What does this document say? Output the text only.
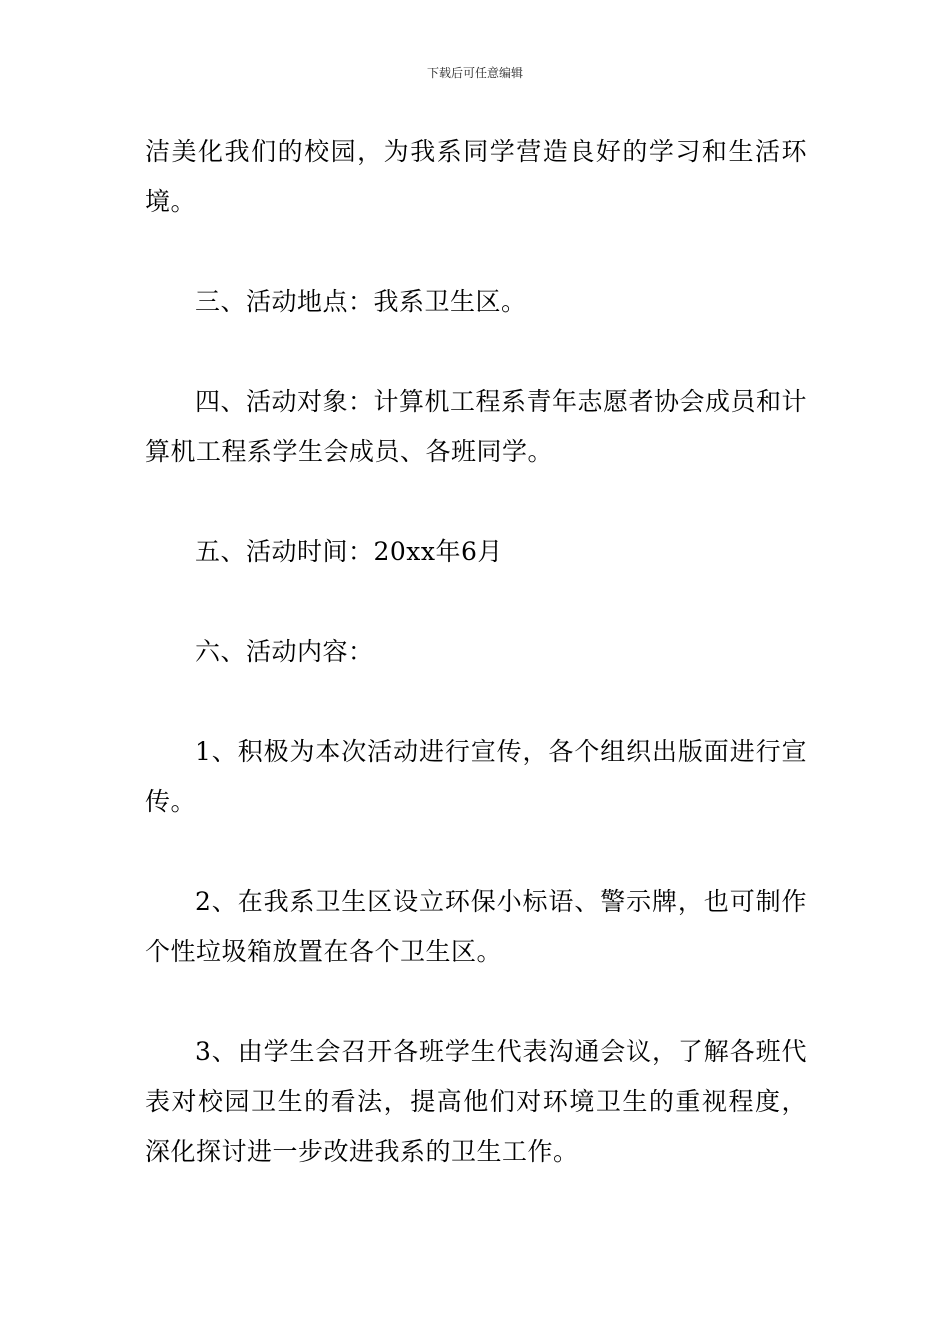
下载后可任意编辑

洁美化我们的校园，为我系同学营造良好的学习和生活环境。

三、活动地点：我系卫生区。

四、活动对象：计算机工程系青年志愿者协会成员和计算机工程系学生会成员、各班同学。

五、活动时间：20xx年6月

六、活动内容：

1、积极为本次活动进行宣传，各个组织出版面进行宣传。

2、在我系卫生区设立环保小标语、警示牌，也可制作个性垃圾箱放置在各个卫生区。

3、由学生会召开各班学生代表沟通会议，了解各班代表对校园卫生的看法，提高他们对环境卫生的重视程度，深化探讨进一步改进我系的卫生工作。
